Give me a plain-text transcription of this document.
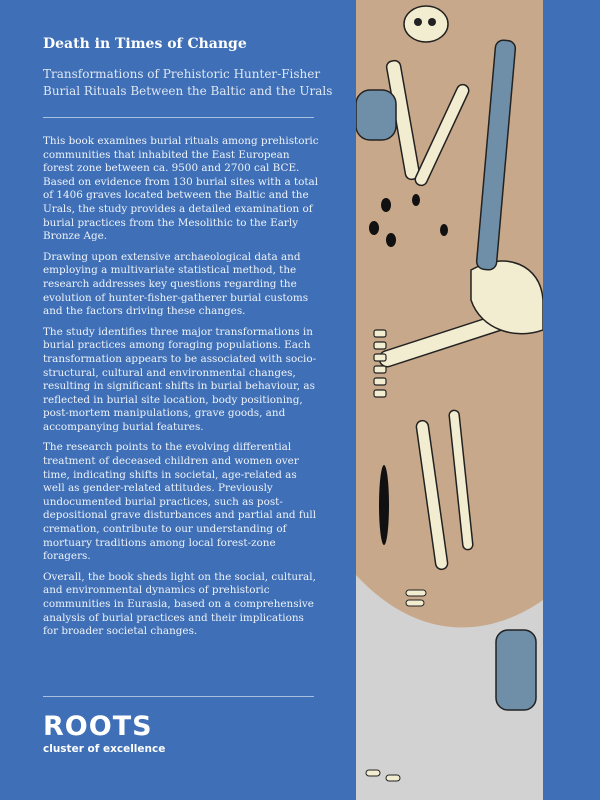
Death in Times of Change
Transformations of Prehistoric Hunter-Fisher Burial Rituals Between the Baltic and the Urals

This book examines burial rituals among prehistoric communities that inhabited the East European forest zone between ca. 9500 and 2700 cal BCE. Based on evidence from 130 burial sites with a total of 1406 graves located between the Baltic and the Urals, the study provides a detailed examination of burial practices from the Mesolithic to the Early Bronze Age.

Drawing upon extensive archaeological data and employing a multivariate statistical method, the research addresses key questions regarding the evolution of hunter-fisher-gatherer burial customs and the factors driving these changes.

The study identifies three major transformations in burial practices among foraging populations. Each transformation appears to be associated with socio-structural, cultural and environmental changes, resulting in significant shifts in burial behaviour, as reflected in burial site location, body positioning, post-mortem manipulations, grave goods, and accompanying burial features.

The research points to the evolving differential treatment of deceased children and women over time, indicating shifts in societal, age-related as well as gender-related attitudes. Previously undocumented burial practices, such as post-depositional grave disturbances and partial and full cremation, contribute to our understanding of mortuary traditions among local forest-zone foragers.

Overall, the book sheds light on the social, cultural, and environmental dynamics of prehistoric communities in Eurasia, based on a comprehensive analysis of burial practices and their implications for broader societal changes.

ROOTS
cluster of excellence
